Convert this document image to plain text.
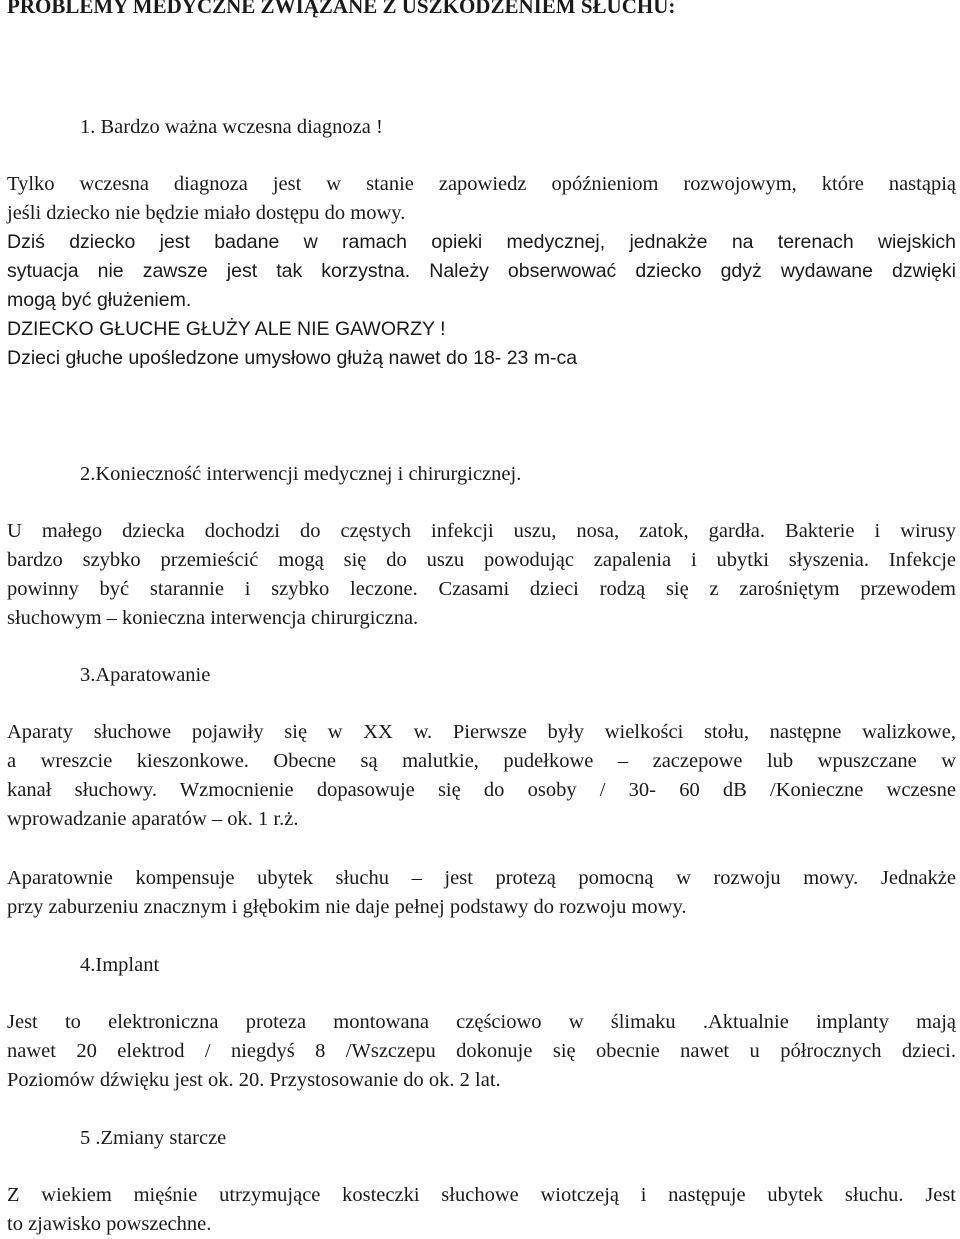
PROBLEMY MEDYCZNE ZWIĄZANE Z USZKODZENIEM SŁUCHU:

1. Bardzo ważna wczesna diagnoza !

Tylko wczesna diagnoza jest w stanie zapowiedz opóźnieniom rozwojowym, które nastąpią
jeśli dziecko nie będzie miało dostępu do mowy.
Dziś dziecko jest badane w ramach opieki medycznej, jednakże na terenach wiejskich
sytuacja nie zawsze jest tak korzystna. Należy obserwować dziecko gdyż wydawane dzwięki
mogą być głużeniem.
DZIECKO GŁUCHE GŁUŻY ALE NIE GAWORZY !
Dzieci głuche upośledzone umysłowo głużą nawet do 18- 23 m-ca

2.Konieczność interwencji medycznej i chirurgicznej.

U małego dziecka dochodzi do częstych infekcji uszu, nosa, zatok, gardła. Bakterie i wirusy
bardzo szybko przemieścić mogą się do uszu powodując zapalenia i ubytki słyszenia. Infekcje
powinny być starannie i szybko leczone. Czasami dzieci rodzą się z zarośniętym przewodem
słuchowym – konieczna interwencja chirurgiczna.

3.Aparatowanie

Aparaty słuchowe pojawiły się w XX w. Pierwsze były wielkości stołu, następne walizkowe,
a wreszcie kieszonkowe. Obecne są malutkie, pudełkowe – zaczepowe lub wpuszczane w
kanał słuchowy. Wzmocnienie dopasowuje się do osoby / 30- 60 dB /Konieczne wczesne
wprowadzanie aparatów – ok. 1 r.ż.
Aparatownie kompensuje ubytek słuchu – jest protezą pomocną w rozwoju mowy. Jednakże
przy zaburzeniu znacznym i głębokim nie daje pełnej podstawy do rozwoju mowy.

4.Implant

Jest to elektroniczna proteza montowana częściowo w ślimaku .Aktualnie implanty mają
nawet 20 elektrod / niegdyś 8 /Wszczepu dokonuje się obecnie nawet u półrocznych dzieci.
Poziomów dźwięku jest ok. 20. Przystosowanie do ok. 2 lat.

5 .Zmiany starcze

Z wiekiem mięśnie utrzymujące kosteczki słuchowe wiotczeją i następuje ubytek słuchu. Jest
to zjawisko powszechne.
